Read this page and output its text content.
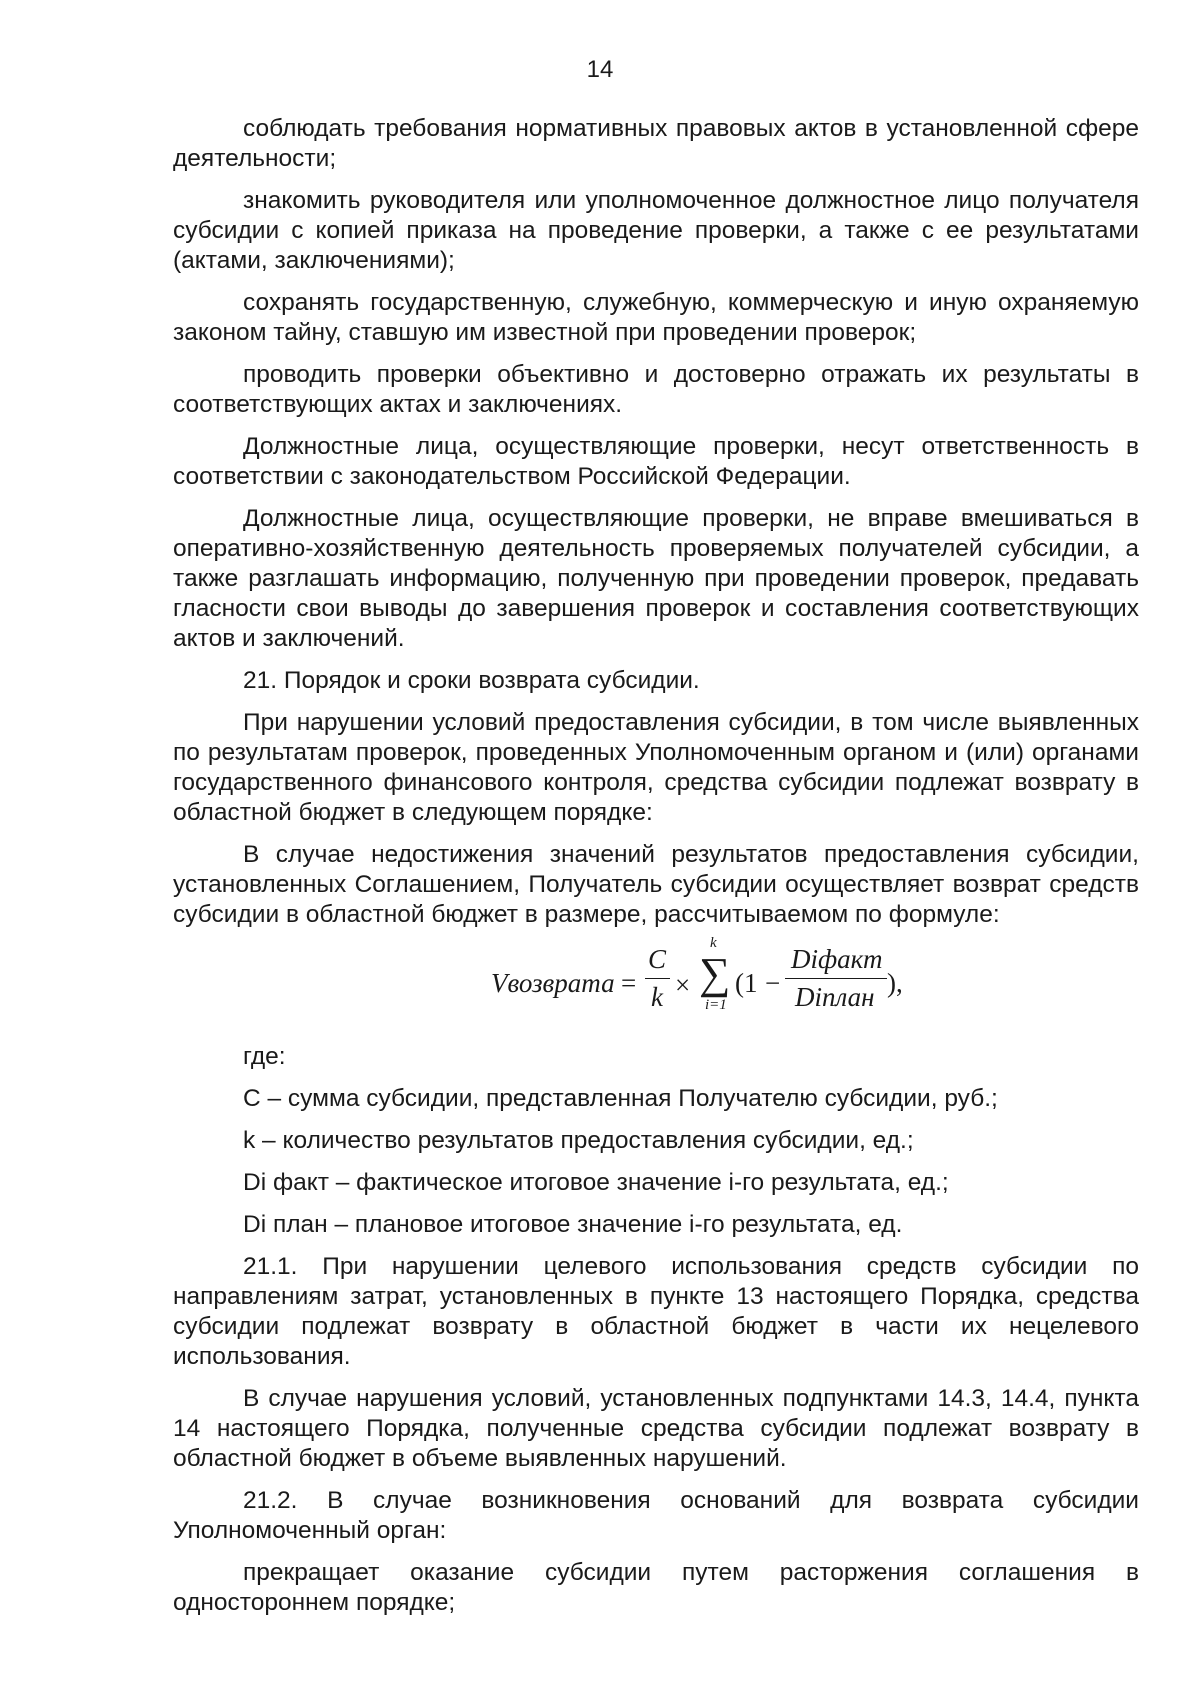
14

соблюдать требования нормативных правовых актов в установленной сфере деятельности;

знакомить руководителя или уполномоченное должностное лицо получателя субсидии с копией приказа на проведение проверки, а также с ее результатами (актами, заключениями);

сохранять государственную, служебную, коммерческую и иную охраняемую законом тайну, ставшую им известной при проведении проверок;

проводить проверки объективно и достоверно отражать их результаты в соответствующих актах и заключениях.

Должностные лица, осуществляющие проверки, несут ответственность в соответствии с законодательством Российской Федерации.

Должностные лица, осуществляющие проверки, не вправе вмешиваться в оперативно-хозяйственную деятельность проверяемых получателей субсидии, а также разглашать информацию, полученную при проведении проверок, предавать гласности свои выводы до завершения проверок и составления соответствующих актов и заключений.

21. Порядок и сроки возврата субсидии.

При нарушении условий предоставления субсидии, в том числе выявленных по результатам проверок, проведенных Уполномоченным органом и (или) органами государственного финансового контроля, средства субсидии подлежат возврату в областной бюджет в следующем порядке:

В случае недостижения значений результатов предоставления субсидии, установленных Соглашением, Получатель субсидии осуществляет возврат средств субсидии в областной бюджет в размере, рассчитываемом по формуле:

Vвозврата =
C
k ×
k
∑
i=1
(1 −
Diфакт
Diплан ),

где:

C – сумма субсидии, представленная Получателю субсидии, руб.;

k – количество результатов предоставления субсидии, ед.;

Di факт – фактическое итоговое значение i-го результата, ед.;

Di план – плановое итоговое значение i-го результата, ед.

21.1. При нарушении целевого использования средств субсидии по направлениям затрат, установленных в пункте 13 настоящего Порядка, средства субсидии подлежат возврату в областной бюджет в части их нецелевого использования.

В случае нарушения условий, установленных подпунктами 14.3, 14.4, пункта 14 настоящего Порядка, полученные средства субсидии подлежат возврату в областной бюджет в объеме выявленных нарушений.

21.2. В случае возникновения оснований для возврата субсидии Уполномоченный орган:

прекращает оказание субсидии путем расторжения соглашения в одностороннем порядке;
